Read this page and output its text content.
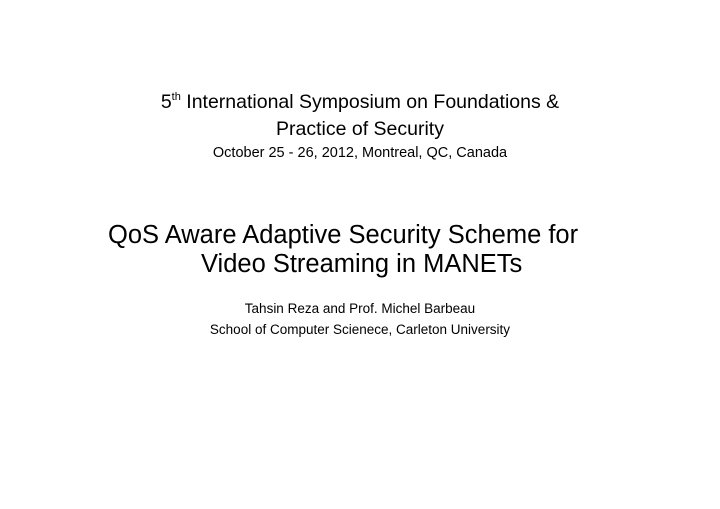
5th International Symposium on Foundations &
Practice of Security
October 25 - 26, 2012, Montreal, QC, Canada
QoS Aware Adaptive Security Scheme for
Video Streaming in MANETs
Tahsin Reza and Prof. Michel Barbeau
School of Computer Scienece, Carleton University
